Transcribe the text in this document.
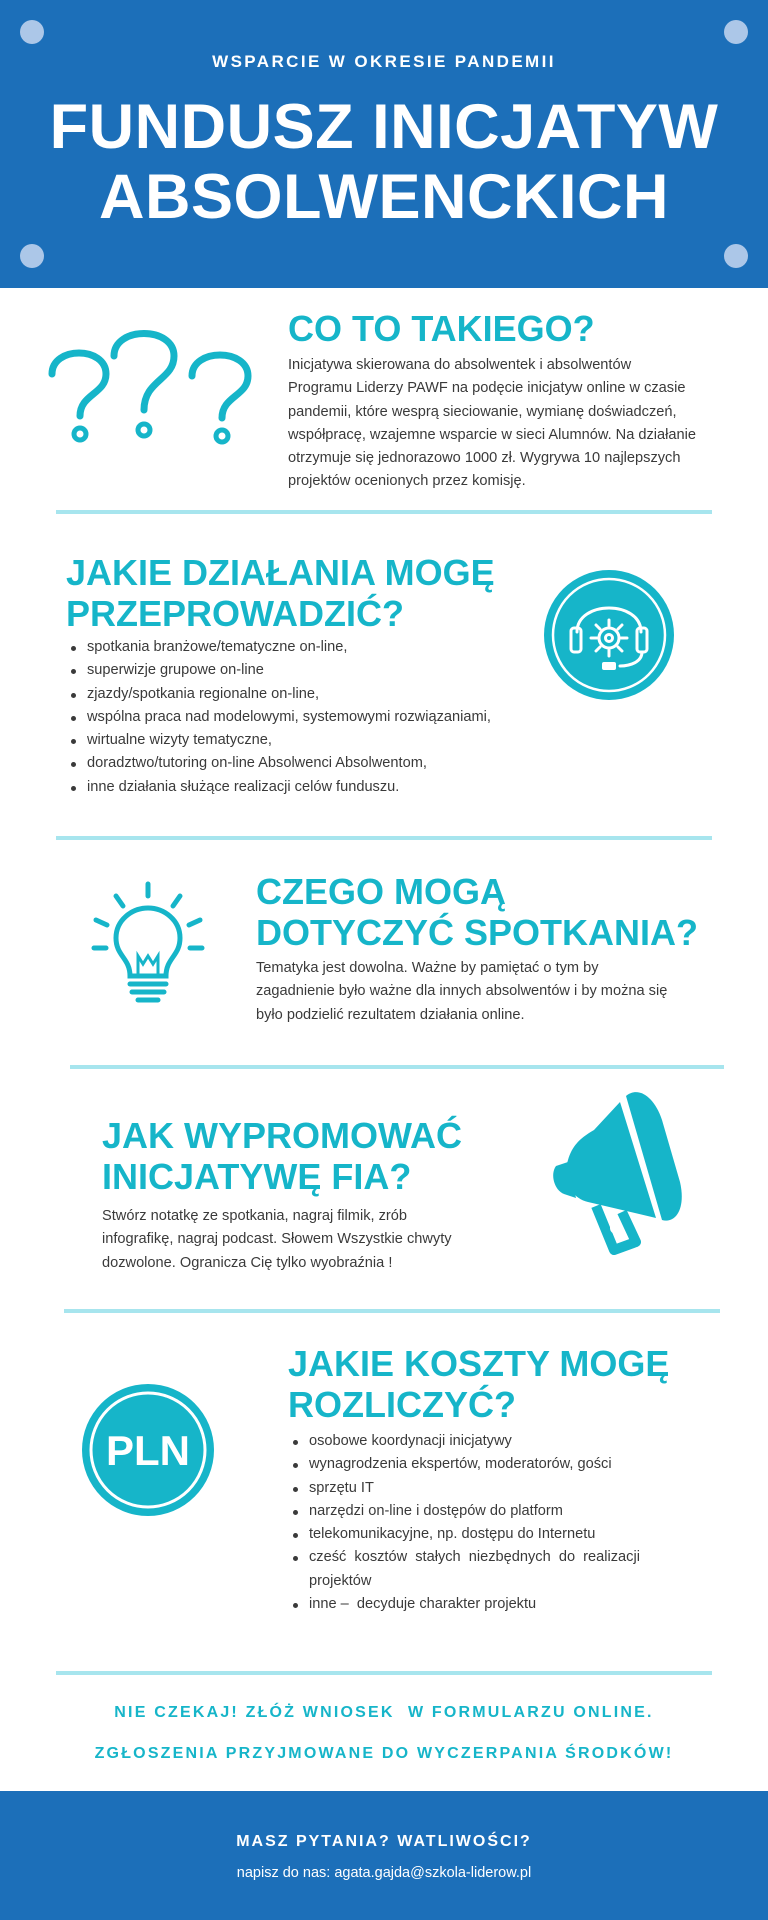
WSPARCIE W OKRESIE PANDEMII
FUNDUSZ INICJATYW
ABSOLWENCKICH
CO TO TAKIEGO?
Inicjatywa skierowana do absolwentek i absolwentów
Programu Liderzy PAWF na podęcie inicjatyw online w czasie
pandemii, które wesprą sieciowanie, wymianę doświadczeń,
współpracę, wzajemne wsparcie w sieci Alumnów. Na działanie
otrzymuje się jednorazowo 1000 zł. Wygrywa 10 najlepszych
projektów ocenionych przez komisję.
JAKIE DZIAŁANIA MOGĘ
PRZEPROWADZIĆ?
spotkania branżowe/tematyczne on-line,
superwizje grupowe on-line
zjazdy/spotkania regionalne on-line,
wspólna praca nad modelowymi, systemowymi rozwiązaniami,
wirtualne wizyty tematyczne,
doradztwo/tutoring on-line Absolwenci Absolwentom,
inne działania służące realizacji celów funduszu.
CZEGO MOGĄ
DOTYCZYĆ SPOTKANIA?
Tematyka jest dowolna. Ważne by pamiętać o tym by
zagadnienie było ważne dla innych absolwentów i by można się
było podzielić rezultatem działania online.
JAK WYPROMOWAĆ
INICJATYWĘ FIA?
Stwórz notatkę ze spotkania, nagraj filmik, zrób
infografikę, nagraj podcast. Słowem Wszystkie chwyty
dozwolone. Ogranicza Cię tylko wyobraźnia !
PLN
JAKIE KOSZTY MOGĘ
ROZLICZYĆ?
osobowe koordynacji inicjatywy
wynagrodzenia ekspertów, moderatorów, gości
sprzętu IT
narzędzi on-line i dostępów do platform
telekomunikacyjne, np. dostępu do Internetu
cześć  kosztów  stałych  niezbędnych  do  realizacji
projektów
inne –  decyduje charakter projektu
NIE CZEKAJ! ZŁÓŻ WNIOSEK  W FORMULARZU ONLINE.
ZGŁOSZENIA PRZYJMOWANE DO WYCZERPANIA ŚRODKÓW!
MASZ PYTANIA? WATLIWOŚCI?
napisz do nas: agata.gajda@szkola-liderow.pl
